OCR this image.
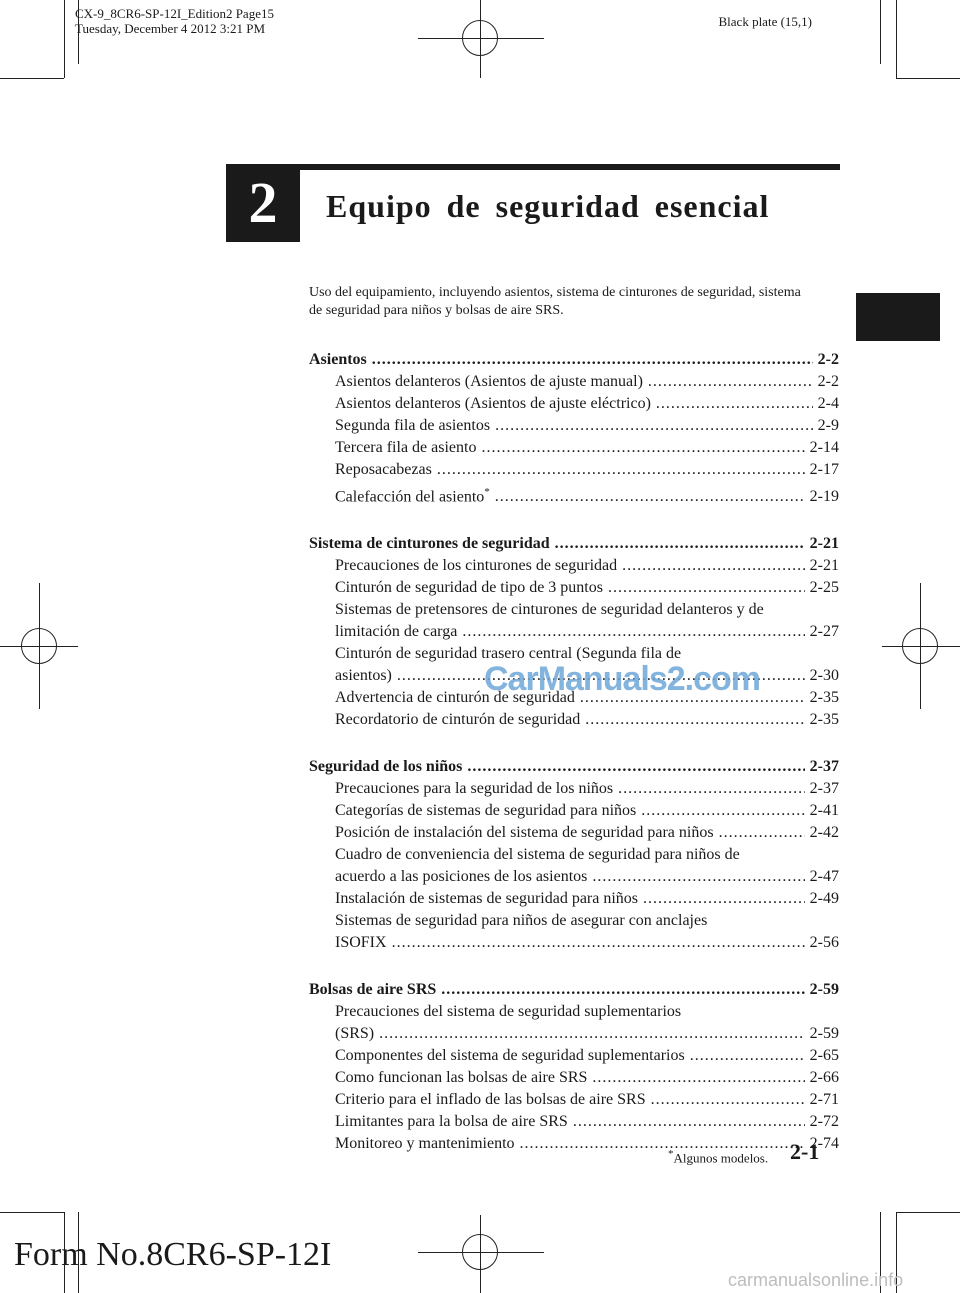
CX-9_8CR6-SP-12I_Edition2 Page15
Tuesday, December 4 2012 3:21 PM	Black plate (15,1)
2	Equipo de seguridad esencial
Uso del equipamiento, incluyendo asientos, sistema de cinturones de seguridad, sistema de seguridad para niños y bolsas de aire SRS.
Asientos .....	2-2
Asientos delanteros (Asientos de ajuste manual) .....	2-2
Asientos delanteros (Asientos de ajuste eléctrico) .....	2-4
Segunda fila de asientos .....	2-9
Tercera fila de asiento .....	2-14
Reposacabezas .....	2-17
Calefacción del asiento* .....	2-19
Sistema de cinturones de seguridad .....	2-21
Precauciones de los cinturones de seguridad .....	2-21
Cinturón de seguridad de tipo de 3 puntos .....	2-25
Sistemas de pretensores de cinturones de seguridad delanteros y de
limitación de carga .....	2-27
Cinturón de seguridad trasero central (Segunda fila de
asientos) .....	2-30
Advertencia de cinturón de seguridad .....	2-35
Recordatorio de cinturón de seguridad .....	2-35
Seguridad de los niños .....	2-37
Precauciones para la seguridad de los niños .....	2-37
Categorías de sistemas de seguridad para niños .....	2-41
Posición de instalación del sistema de seguridad para niños .....	2-42
Cuadro de conveniencia del sistema de seguridad para niños de
acuerdo a las posiciones de los asientos .....	2-47
Instalación de sistemas de seguridad para niños .....	2-49
Sistemas de seguridad para niños de asegurar con anclajes
ISOFIX .....	2-56
Bolsas de aire SRS .....	2-59
Precauciones del sistema de seguridad suplementarios
(SRS) .....	2-59
Componentes del sistema de seguridad suplementarios .....	2-65
Como funcionan las bolsas de aire SRS .....	2-66
Criterio para el inflado de las bolsas de aire SRS .....	2-71
Limitantes para la bolsa de aire SRS .....	2-72
Monitoreo y mantenimiento .....	2-74
CarManuals2.com
*Algunos modelos. 2-1
Form No.8CR6-SP-12I
carmanualsonline.info
